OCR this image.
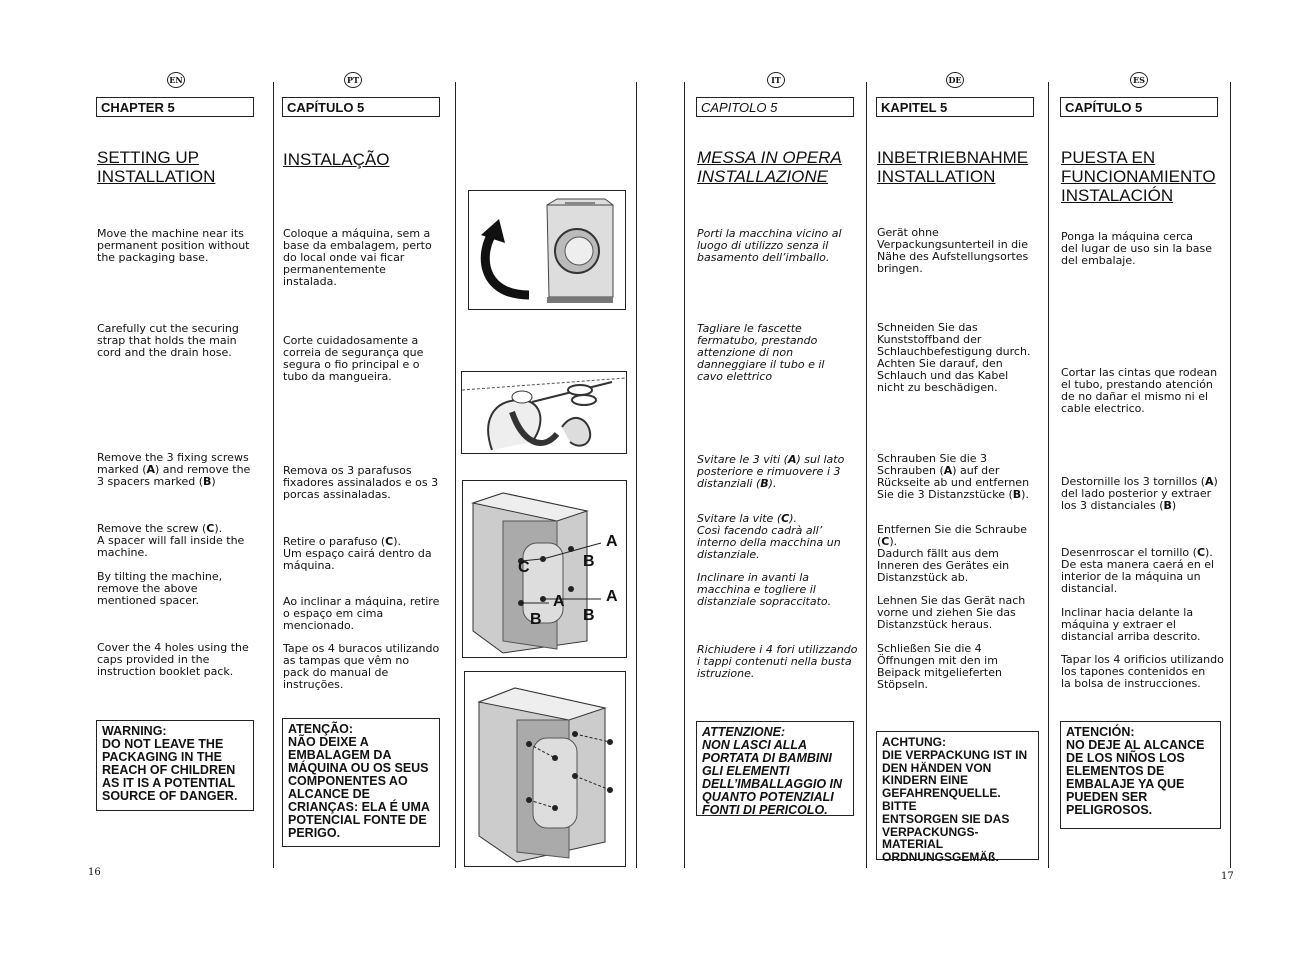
EN
CHAPTER 5
SETTING UP
INSTALLATION
Move the machine near its
permanent position without
the packaging base.
Carefully cut the securing
strap that holds the main
cord and the drain hose.
Remove the 3 fixing screws
marked (A) and remove the
3 spacers marked (B)
Remove the screw (C).
A spacer will fall inside the
machine.
By tilting the machine,
remove the above
mentioned spacer.
Cover the 4 holes using the
caps provided in the
instruction booklet pack.
WARNING:
DO NOT LEAVE THE
PACKAGING IN THE
REACH OF CHILDREN
AS IT IS A POTENTIAL
SOURCE OF DANGER.
16
PT
CAPÍTULO 5
INSTALAÇÃO
Coloque a máquina, sem a
base da embalagem, perto
do local onde vai ficar
permanentemente
instalada.
Corte cuidadosamente a
correia de segurança que
segura o fio principal e o
tubo da mangueira.
Remova os 3 parafusos
fixadores assinalados e os 3
porcas assinaladas.
Retire o parafuso (C).
Um espaço cairá dentro da
máquina.
Ao inclinar a máquina, retire
o espaço em cima
mencionado.
Tape os 4 buracos utilizando
as tampas que vêm no
pack do manual de
instruções.
ATENÇÃO:
NÃO DEIXE A
EMBALAGEM DA
MÁQUINA OU OS SEUS
COMPONENTES AO
ALCANCE DE
CRIANÇAS: ELA É UMA
POTENCIAL FONTE DE
PERIGO.
A
B
C
A	A
B	B
IT
CAPITOLO 5
MESSA IN OPERA
INSTALLAZIONE
Porti la macchina vicino al
luogo di utilizzo senza il
basamento dell’imballo.
Tagliare le fascette
fermatubo, prestando
attenzione di non
danneggiare il tubo e il
cavo elettrico
Svitare le 3 viti (A) sul lato
posteriore e rimuovere i 3
distanziali (B).
Svitare la vite (C).
Così facendo cadrà all’
interno della macchina un
distanziale.
Inclinare in avanti la
macchina e togliere il
distanziale sopraccitato.
Richiudere i 4 fori utilizzando
i tappi contenuti nella busta
istruzione.
ATTENZIONE:
NON LASCI ALLA
PORTATA DI BAMBINI
GLI ELEMENTI
DELL’IMBALLAGGIO IN
QUANTO POTENZIALI
FONTI DI PERICOLO.
DE
KAPITEL 5
INBETRIEBNAHME
INSTALLATION
Gerät ohne
Verpackungsunterteil in die
Nähe des Aufstellungsortes
bringen.
Schneiden Sie das
Kunststoffband der
Schlauchbefestigung durch.
Achten Sie darauf, den
Schlauch und das Kabel
nicht zu beschädigen.
Schrauben Sie die 3
Schrauben (A) auf der
Rückseite ab und entfernen
Sie die 3 Distanzstücke (B).
Entfernen Sie die Schraube
(C).
Dadurch fällt aus dem
Inneren des Gerätes ein
Distanzstück ab.
Lehnen Sie das Gerät nach
vorne und ziehen Sie das
Distanzstück heraus.
Schließen Sie die 4
Öffnungen mit den im
Beipack mitgelieferten
Stöpseln.
ACHTUNG:
DIE VERPACKUNG IST IN
DEN HÄNDEN VON
KINDERN EINE
GEFAHRENQUELLE. BITTE
ENTSORGEN SIE DAS
VERPACKUNGS-
MATERIAL
ORDNUNGSGEMÄß.
ES
CAPÍTULO 5
PUESTA EN
FUNCIONAMIENTO
INSTALACIÓN
Ponga la máquina cerca
del lugar de uso sin la base
del embalaje.
Cortar las cintas que rodean
el tubo, prestando atención
de no dañar el mismo ni el
cable electrico.
Destornille los 3 tornillos (A)
del lado posterior y extraer
los 3 distanciales (B)
Desenrroscar el tornillo (C).
De esta manera caerá en el
interior de la máquina un
distancial.
Inclinar hacia delante la
máquina y extraer el
distancial arriba descrito.
Tapar los 4 orificios utilizando
los tapones contenidos en
la bolsa de instrucciones.
ATENCIÓN:
NO DEJE AL ALCANCE
DE LOS NIÑOS LOS
ELEMENTOS DE
EMBALAJE YA QUE
PUEDEN SER
PELIGROSOS.
17
